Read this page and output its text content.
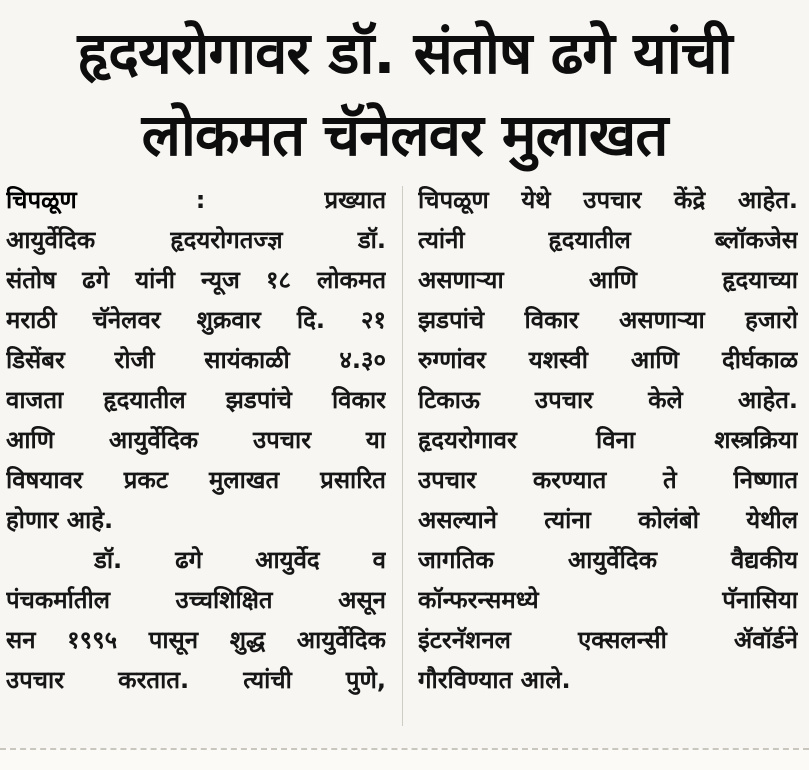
हृदयरोगावर डॉ. संतोष ढगे यांची
लोकमत चॅनेलवर मुलाखत
चिपळूण	: प्रख्यात
आयुर्वेदिक हृदयरोगतज्ज्ञ डॉ.
संतोष ढगे यांनी न्यूज १८ लोकमत
मराठी चॅनेलवर शुक्रवार दि. २१
डिसेंबर रोजी सायंकाळी ४.३०
वाजता हृदयातील झडपांचे विकार
आणि आयुर्वेदिक उपचार या
विषयावर प्रकट मुलाखत प्रसारित
होणार आहे.
डॉ. ढगे आयुर्वेद व
पंचकर्मातील उच्चशिक्षित असून
सन १९९५ पासून शुद्ध आयुर्वेदिक
उपचार करतात. त्यांची पुणे,
चिपळूण येथे उपचार केंद्रे आहेत.
त्यांनी हृदयातील ब्लॉकजेस
असणाऱ्या आणि हृदयाच्या
झडपांचे विकार असणाऱ्या हजारो
रुग्णांवर यशस्वी आणि दीर्घकाळ
टिकाऊ उपचार केले आहेत.
हृदयरोगावर विना शस्त्रक्रिया
उपचार करण्यात ते निष्णात
असल्याने त्यांना कोलंबो येथील
जागतिक आयुर्वेदिक वैद्यकीय
कॉन्फरन्समध्ये पॅनासिया
इंटरनॅशनल एक्सलन्सी ॲवॉर्डने
गौरविण्यात आले.
